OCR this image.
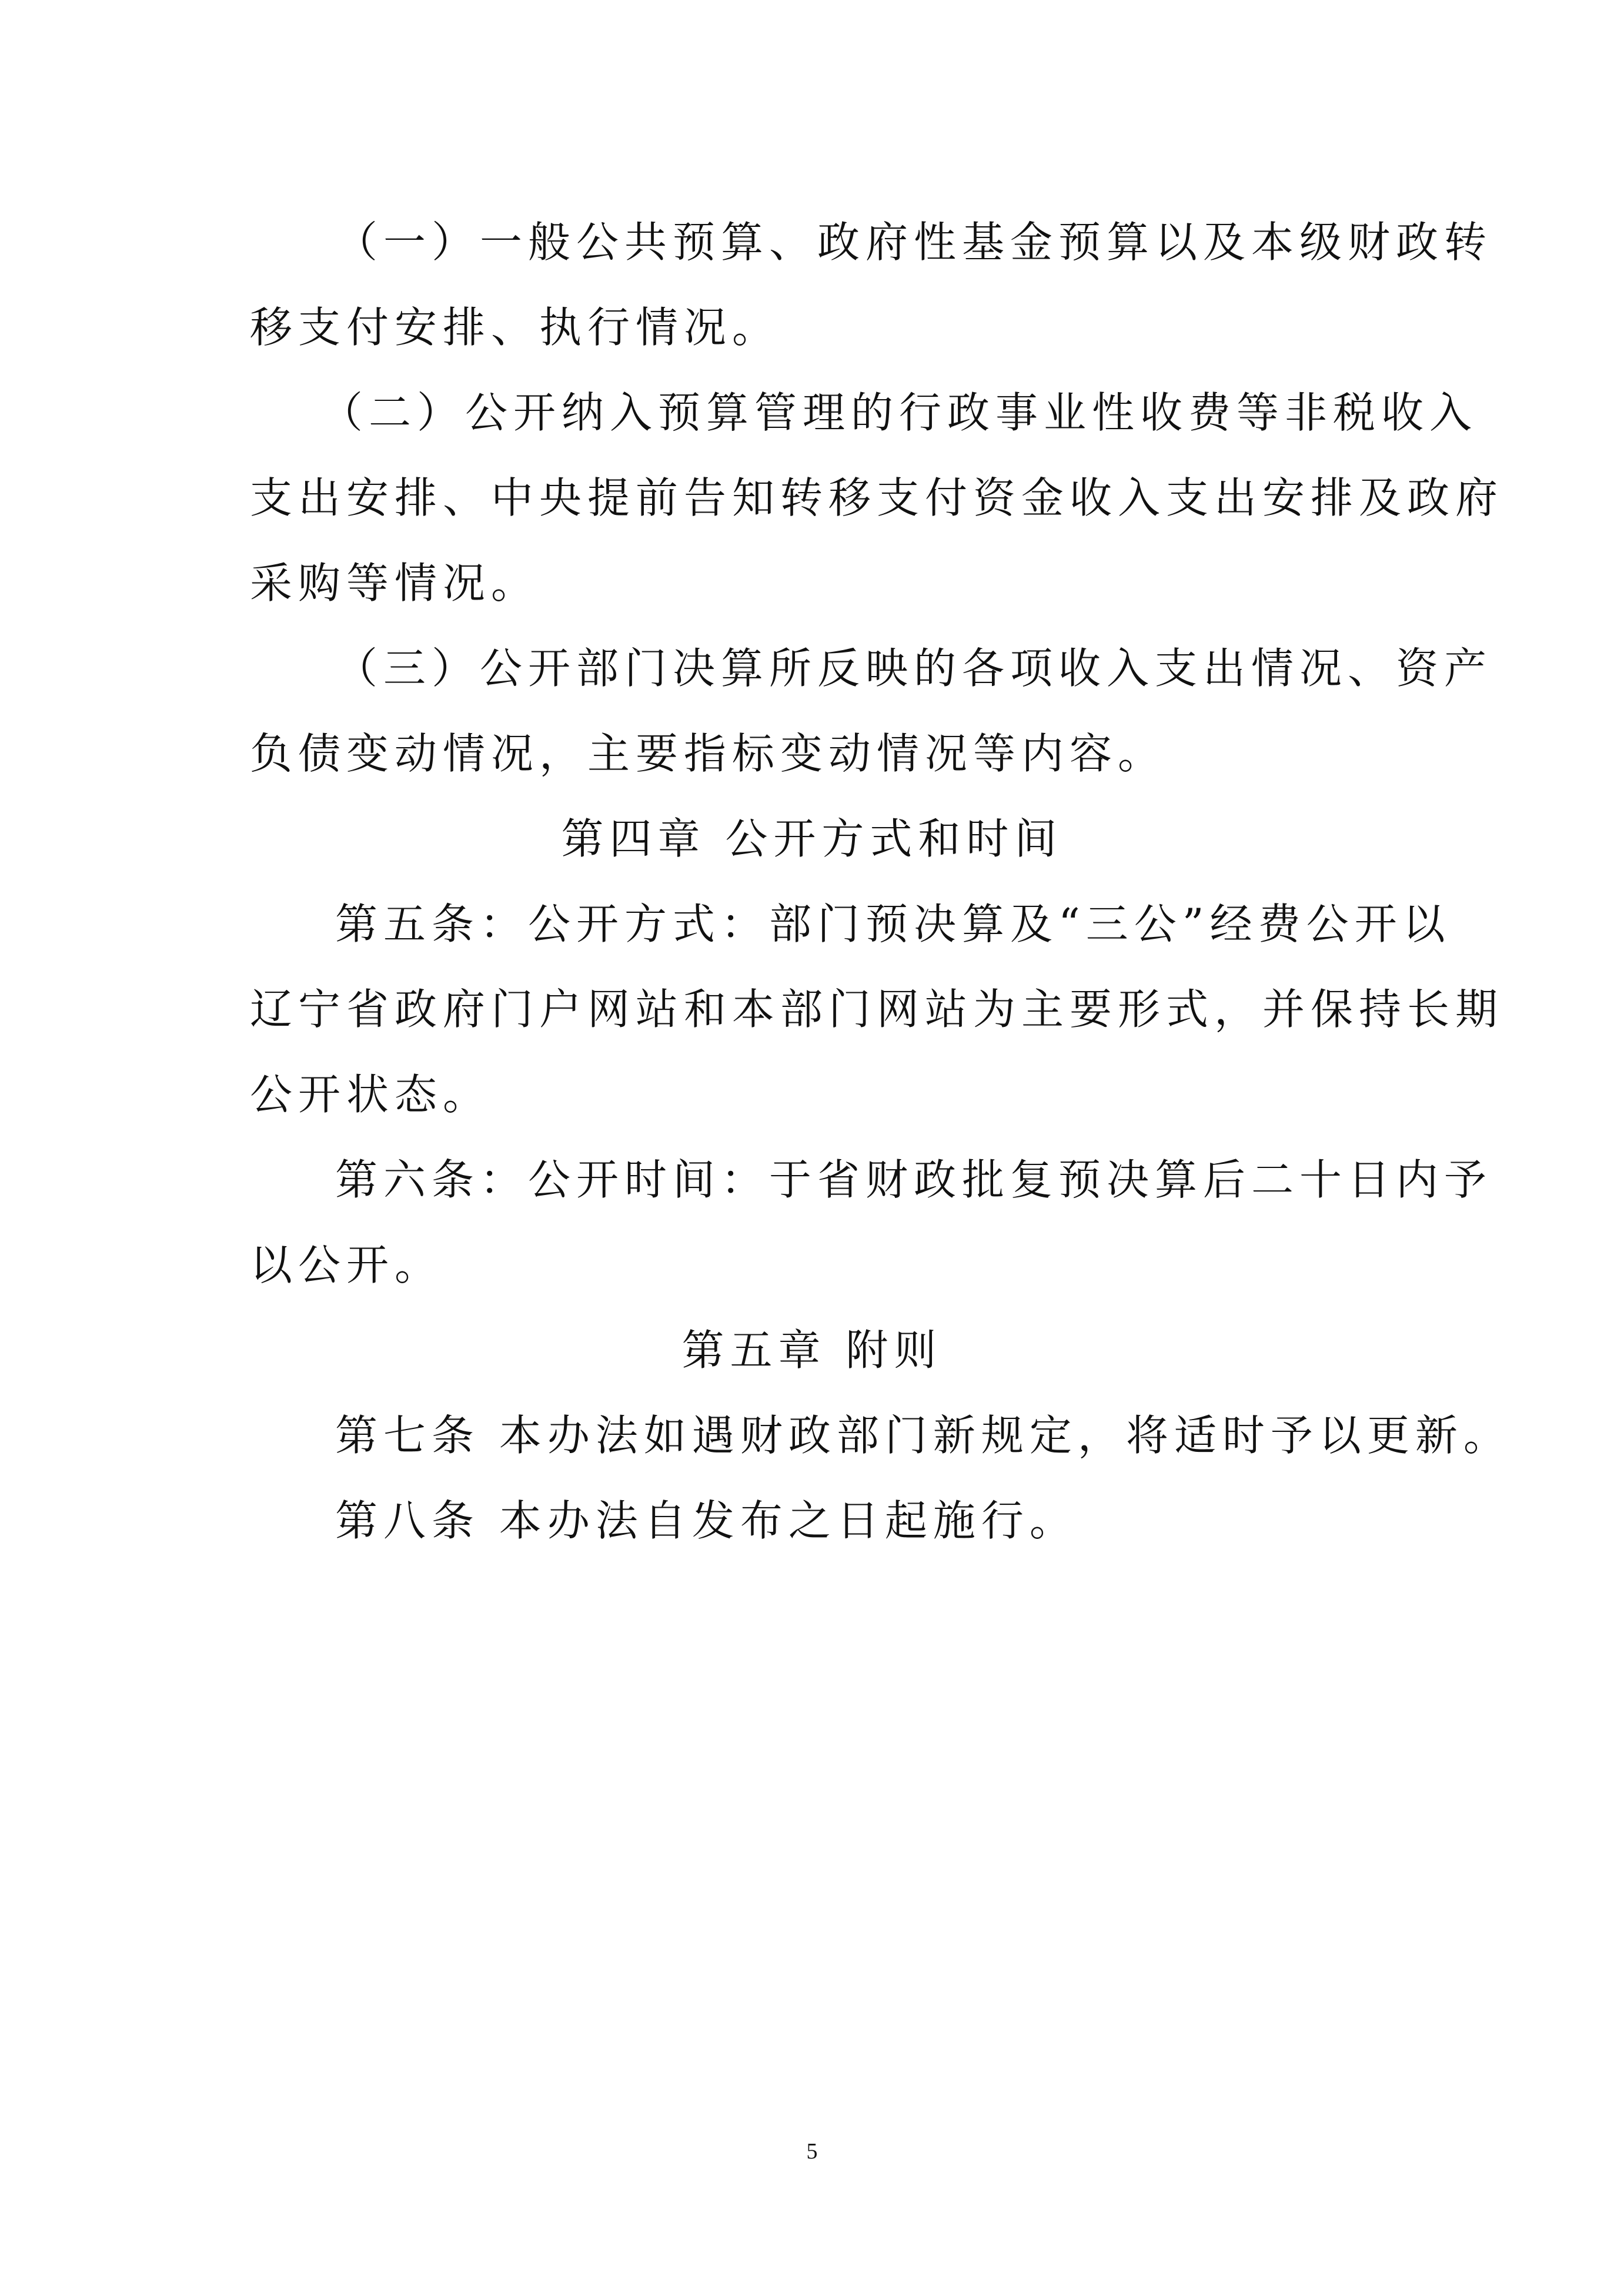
（一）一般公共预算、政府性基金预算以及本级财政转
移支付安排、执行情况。
（二）公开纳入预算管理的行政事业性收费等非税收入
支出安排、中央提前告知转移支付资金收入支出安排及政府
采购等情况。
（三）公开部门决算所反映的各项收入支出情况、资产
负债变动情况，主要指标变动情况等内容。
第四章 公开方式和时间
第五条：公开方式：部门预决算及“三公”经费公开以
辽宁省政府门户网站和本部门网站为主要形式，并保持长期
公开状态。
第六条：公开时间：于省财政批复预决算后二十日内予
以公开。
第五章 附则
第七条 本办法如遇财政部门新规定，将适时予以更新。
第八条 本办法自发布之日起施行。
5
